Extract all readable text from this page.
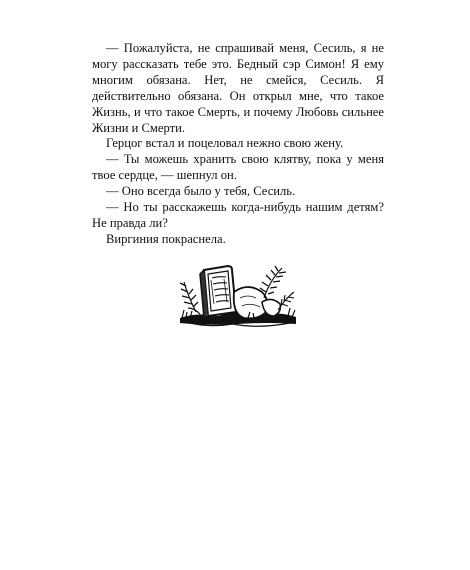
— Пожалуйста, не спрашивай меня, Сесиль, я не могу рассказать тебе это. Бедный сэр Симон! Я ему многим обязана. Нет, не смейся, Сесиль. Я действительно обязана. Он открыл мне, что такое Жизнь, и что такое Смерть, и почему Любовь сильнее Жизни и Смерти.

Герцог встал и поцеловал нежно свою жену.

— Ты можешь хранить свою клятву, пока у меня твое сердце, — шепнул он.

— Оно всегда было у тебя, Сесиль.

— Но ты расскажешь когда-нибудь нашим детям? Не правда ли?

Виргиния покраснела.
